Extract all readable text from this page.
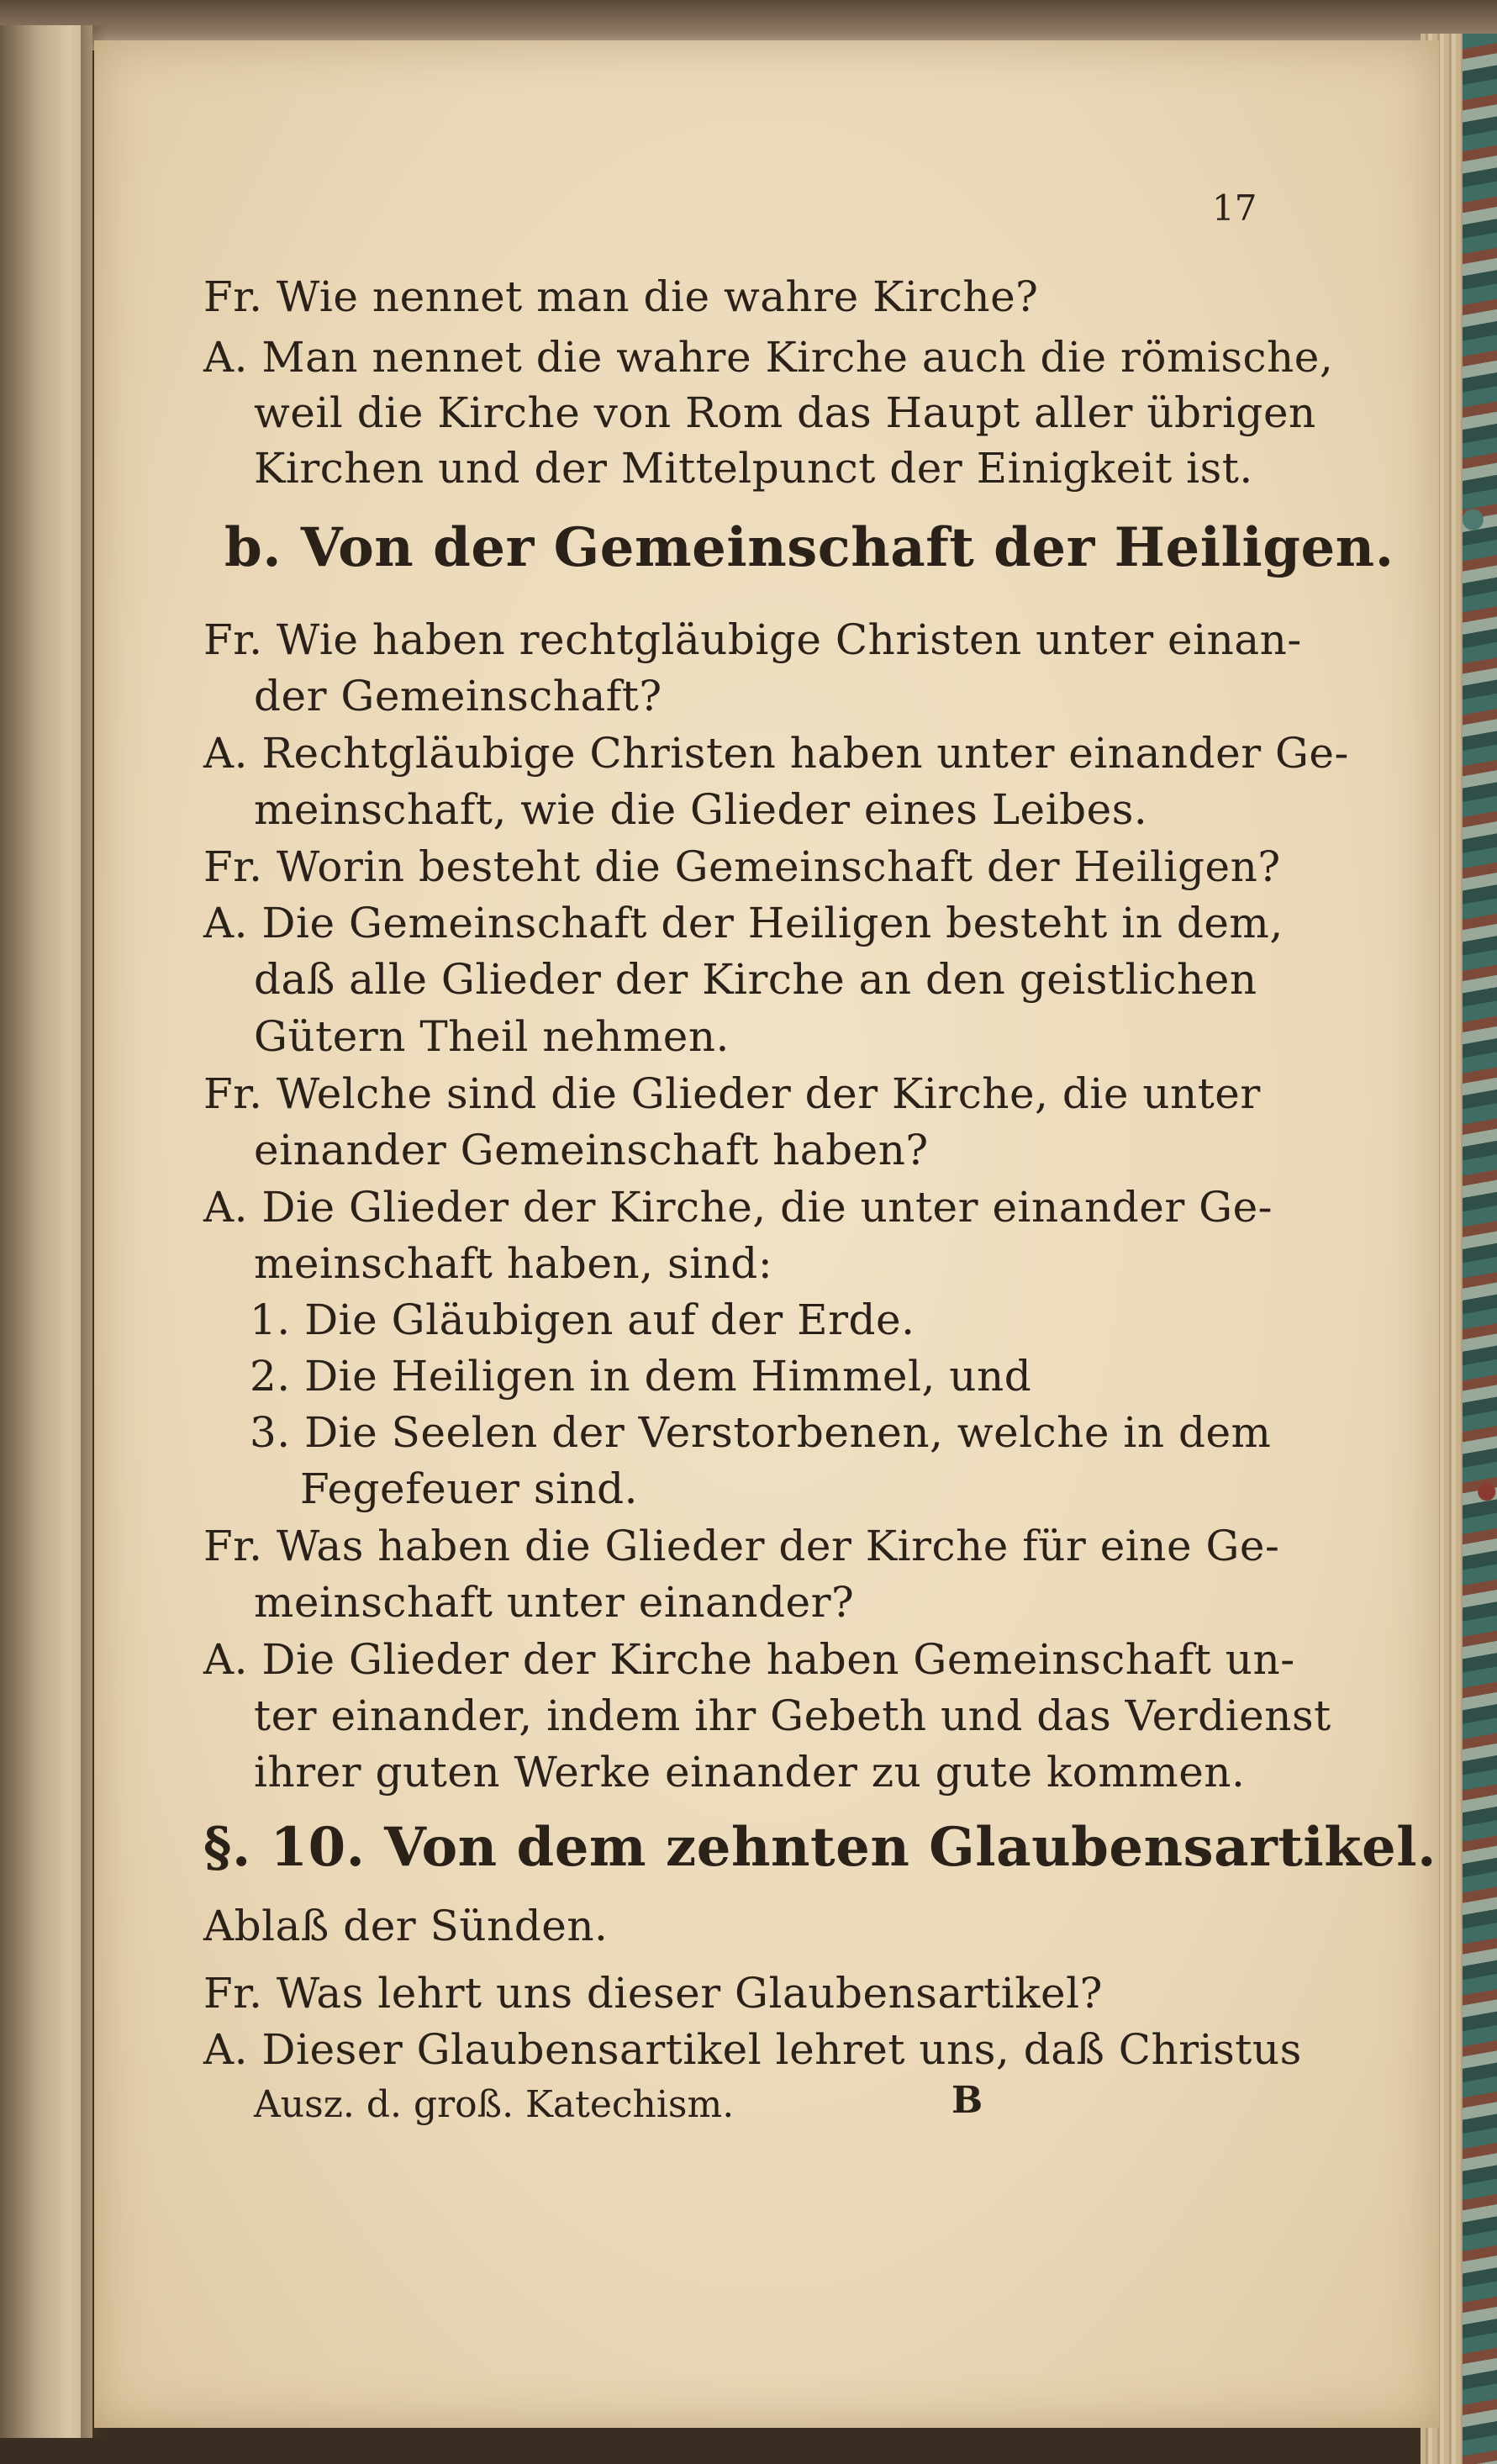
17
Fr. Wie nennet man die wahre Kirche?
A. Man nennet die wahre Kirche auch die römische,
weil die Kirche von Rom das Haupt aller übrigen
Kirchen und der Mittelpunct der Einigkeit ist.
b. Von der Gemeinschaft der Heiligen.
Fr. Wie haben rechtgläubige Christen unter einan-
der Gemeinschaft?
A. Rechtgläubige Christen haben unter einander Ge-
meinschaft, wie die Glieder eines Leibes.
Fr. Worin besteht die Gemeinschaft der Heiligen?
A. Die Gemeinschaft der Heiligen besteht in dem,
daß alle Glieder der Kirche an den geistlichen
Gütern Theil nehmen.
Fr. Welche sind die Glieder der Kirche, die unter
einander Gemeinschaft haben?
A. Die Glieder der Kirche, die unter einander Ge-
meinschaft haben, sind:
1. Die Gläubigen auf der Erde.
2. Die Heiligen in dem Himmel, und
3. Die Seelen der Verstorbenen, welche in dem
Fegefeuer sind.
Fr. Was haben die Glieder der Kirche für eine Ge-
meinschaft unter einander?
A. Die Glieder der Kirche haben Gemeinschaft un-
ter einander, indem ihr Gebeth und das Verdienst
ihrer guten Werke einander zu gute kommen.
§. 10. Von dem zehnten Glaubensartikel.
Ablaß der Sünden.
Fr. Was lehrt uns dieser Glaubensartikel?
A. Dieser Glaubensartikel lehret uns, daß Christus
Ausz. d. groß. Katechism.	B
